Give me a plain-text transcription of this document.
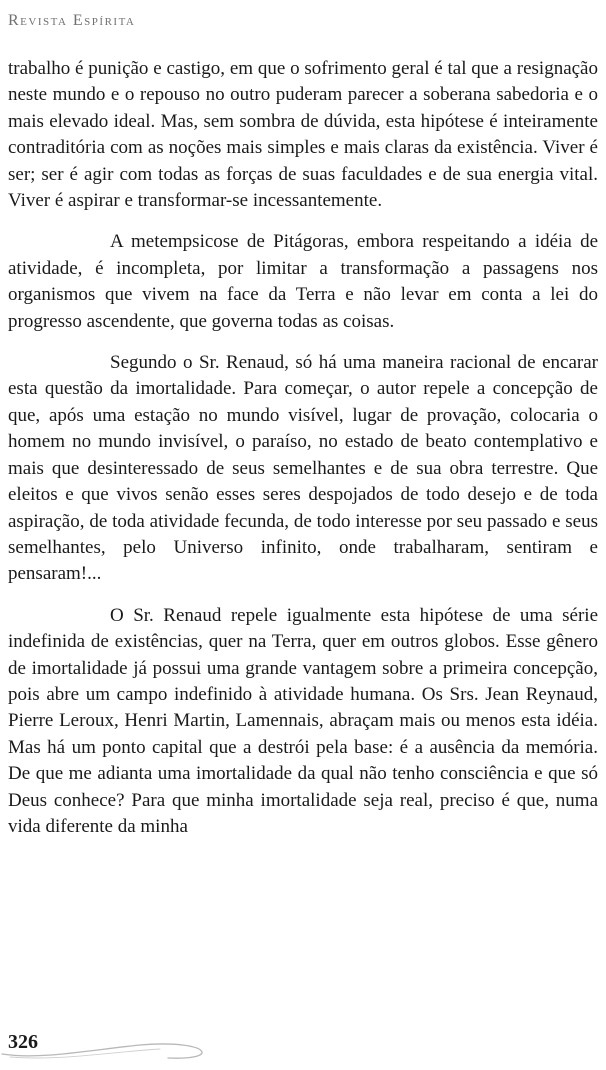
Revista Espírita

trabalho é punição e castigo, em que o sofrimento geral é tal que a resignação neste mundo e o repouso no outro puderam parecer a soberana sabedoria e o mais elevado ideal. Mas, sem sombra de dúvida, esta hipótese é inteiramente contraditória com as noções mais simples e mais claras da existência. Viver é ser; ser é agir com todas as forças de suas faculdades e de sua energia vital. Viver é aspirar e transformar-se incessantemente.

A metempsicose de Pitágoras, embora respeitando a idéia de atividade, é incompleta, por limitar a transformação a passagens nos organismos que vivem na face da Terra e não levar em conta a lei do progresso ascendente, que governa todas as coisas.

Segundo o Sr. Renaud, só há uma maneira racional de encarar esta questão da imortalidade. Para começar, o autor repele a concepção de que, após uma estação no mundo visível, lugar de provação, colocaria o homem no mundo invisível, o paraíso, no estado de beato contemplativo e mais que desinteressado de seus semelhantes e de sua obra terrestre. Que eleitos e que vivos senão esses seres despojados de todo desejo e de toda aspiração, de toda atividade fecunda, de todo interesse por seu passado e seus semelhantes, pelo Universo infinito, onde trabalharam, sentiram e pensaram!...

O Sr. Renaud repele igualmente esta hipótese de uma série indefinida de existências, quer na Terra, quer em outros globos. Esse gênero de imortalidade já possui uma grande vantagem sobre a primeira concepção, pois abre um campo indefinido à atividade humana. Os Srs. Jean Reynaud, Pierre Leroux, Henri Martin, Lamennais, abraçam mais ou menos esta idéia. Mas há um ponto capital que a destrói pela base: é a ausência da memória. De que me adianta uma imortalidade da qual não tenho consciência e que só Deus conhece? Para que minha imortalidade seja real, preciso é que, numa vida diferente da minha

326
